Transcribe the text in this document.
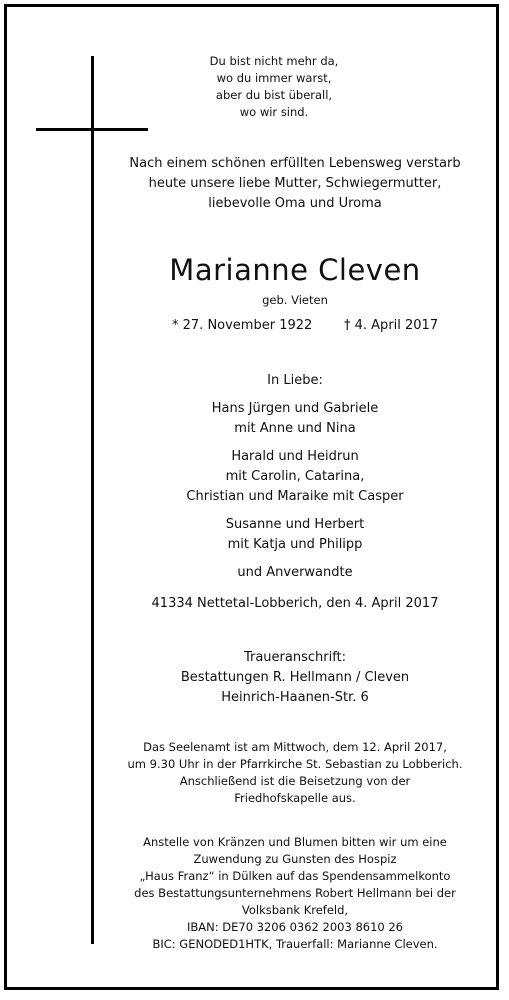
Du bist nicht mehr da,
wo du immer warst,
aber du bist überall,
wo wir sind.
Nach einem schönen erfüllten Lebensweg verstarb
heute unsere liebe Mutter, Schwiegermutter,
liebevolle Oma und Uroma
Marianne Cleven
geb. Vieten
* 27. November 1922 † 4. April 2017
In Liebe:
Hans Jürgen und Gabriele
mit Anne und Nina
Harald und Heidrun
mit Carolin, Catarina,
Christian und Maraike mit Casper
Susanne und Herbert
mit Katja und Philipp
und Anverwandte
41334 Nettetal-Lobberich, den 4. April 2017
Traueranschrift:
Bestattungen R. Hellmann / Cleven
Heinrich-Haanen-Str. 6
Das Seelenamt ist am Mittwoch, dem 12. April 2017,
um 9.30 Uhr in der Pfarrkirche St. Sebastian zu Lobberich.
Anschließend ist die Beisetzung von der
Friedhofskapelle aus.
Anstelle von Kränzen und Blumen bitten wir um eine
Zuwendung zu Gunsten des Hospiz
„Haus Franz“ in Dülken auf das Spendensammelkonto
des Bestattungsunternehmens Robert Hellmann bei der
Volksbank Krefeld,
IBAN: DE70 3206 0362 2003 8610 26
BIC: GENODED1HTK, Trauerfall: Marianne Cleven.
